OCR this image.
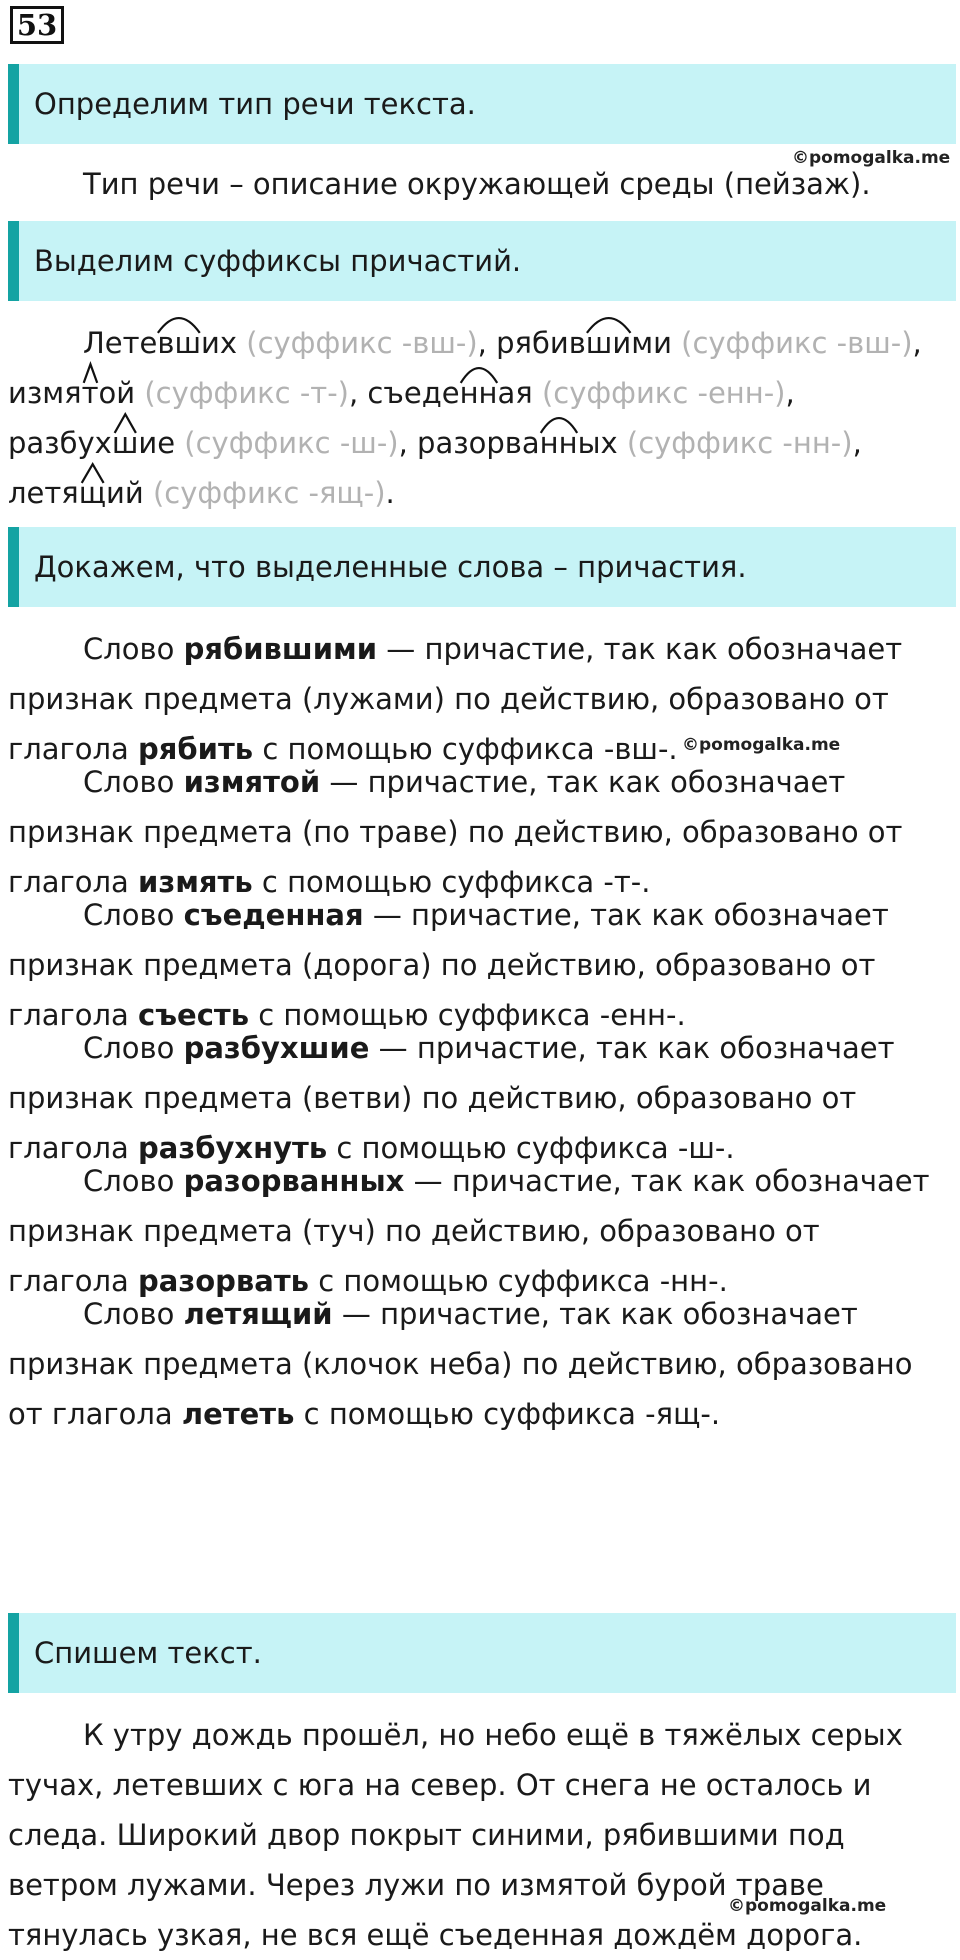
53
Определим тип речи текста.
©pomogalka.me

Тип речи – описание окружающей среды (пейзаж).

Выделим суффиксы причастий.
Летевш
их (суффикс -вш-), рябивши
ми (суффикс -вш-),
измят
ой (суффикс -т-), съеденн
ая (суффикс -енн-),
разбухш
ие (суффикс -ш-), разорванн
ых (суффикс -нн-),
летящ
ий (суффикс -ящ-).
Докажем, что выделенные слова – причастия.
Слово рябившими — причастие, так как обозначает
признак предмета (лужами) по действию, образовано от
глагола рябить с помощью суффикса -вш-.
Слово измятой — причастие, так как обозначает
признак предмета (по траве) по действию, образовано от
глагола измять с помощью суффикса -т-.
Слово съеденная — причастие, так как обозначает
признак предмета (дорога) по действию, образовано от
глагола съесть с помощью суффикса -енн-.
Слово разбухшие — причастие, так как обозначает
признак предмета (ветви) по действию, образовано от
глагола разбухнуть с помощью суффикса -ш-.
Слово разорванных — причастие, так как обозначает
признак предмета (туч) по действию, образовано от
глагола разорвать с помощью суффикса -нн-.
Слово летящий — причастие, так как обозначает
признак предмета (клочок неба) по действию, образовано
от глагола лететь с помощью суффикса -ящ-.
©pomogalka.me
Спишем текст.
К утру дождь прошёл, но небо ещё в тяжёлых серых
тучах, летевших с юга на север. От снега не осталось и
следа. Широкий двор покрыт синими, рябившими под
ветром лужами. Через лужи по измятой бурой траве
тянулась узкая, не вся ещё съеденная дождём дорога.
©pomogalka.me
